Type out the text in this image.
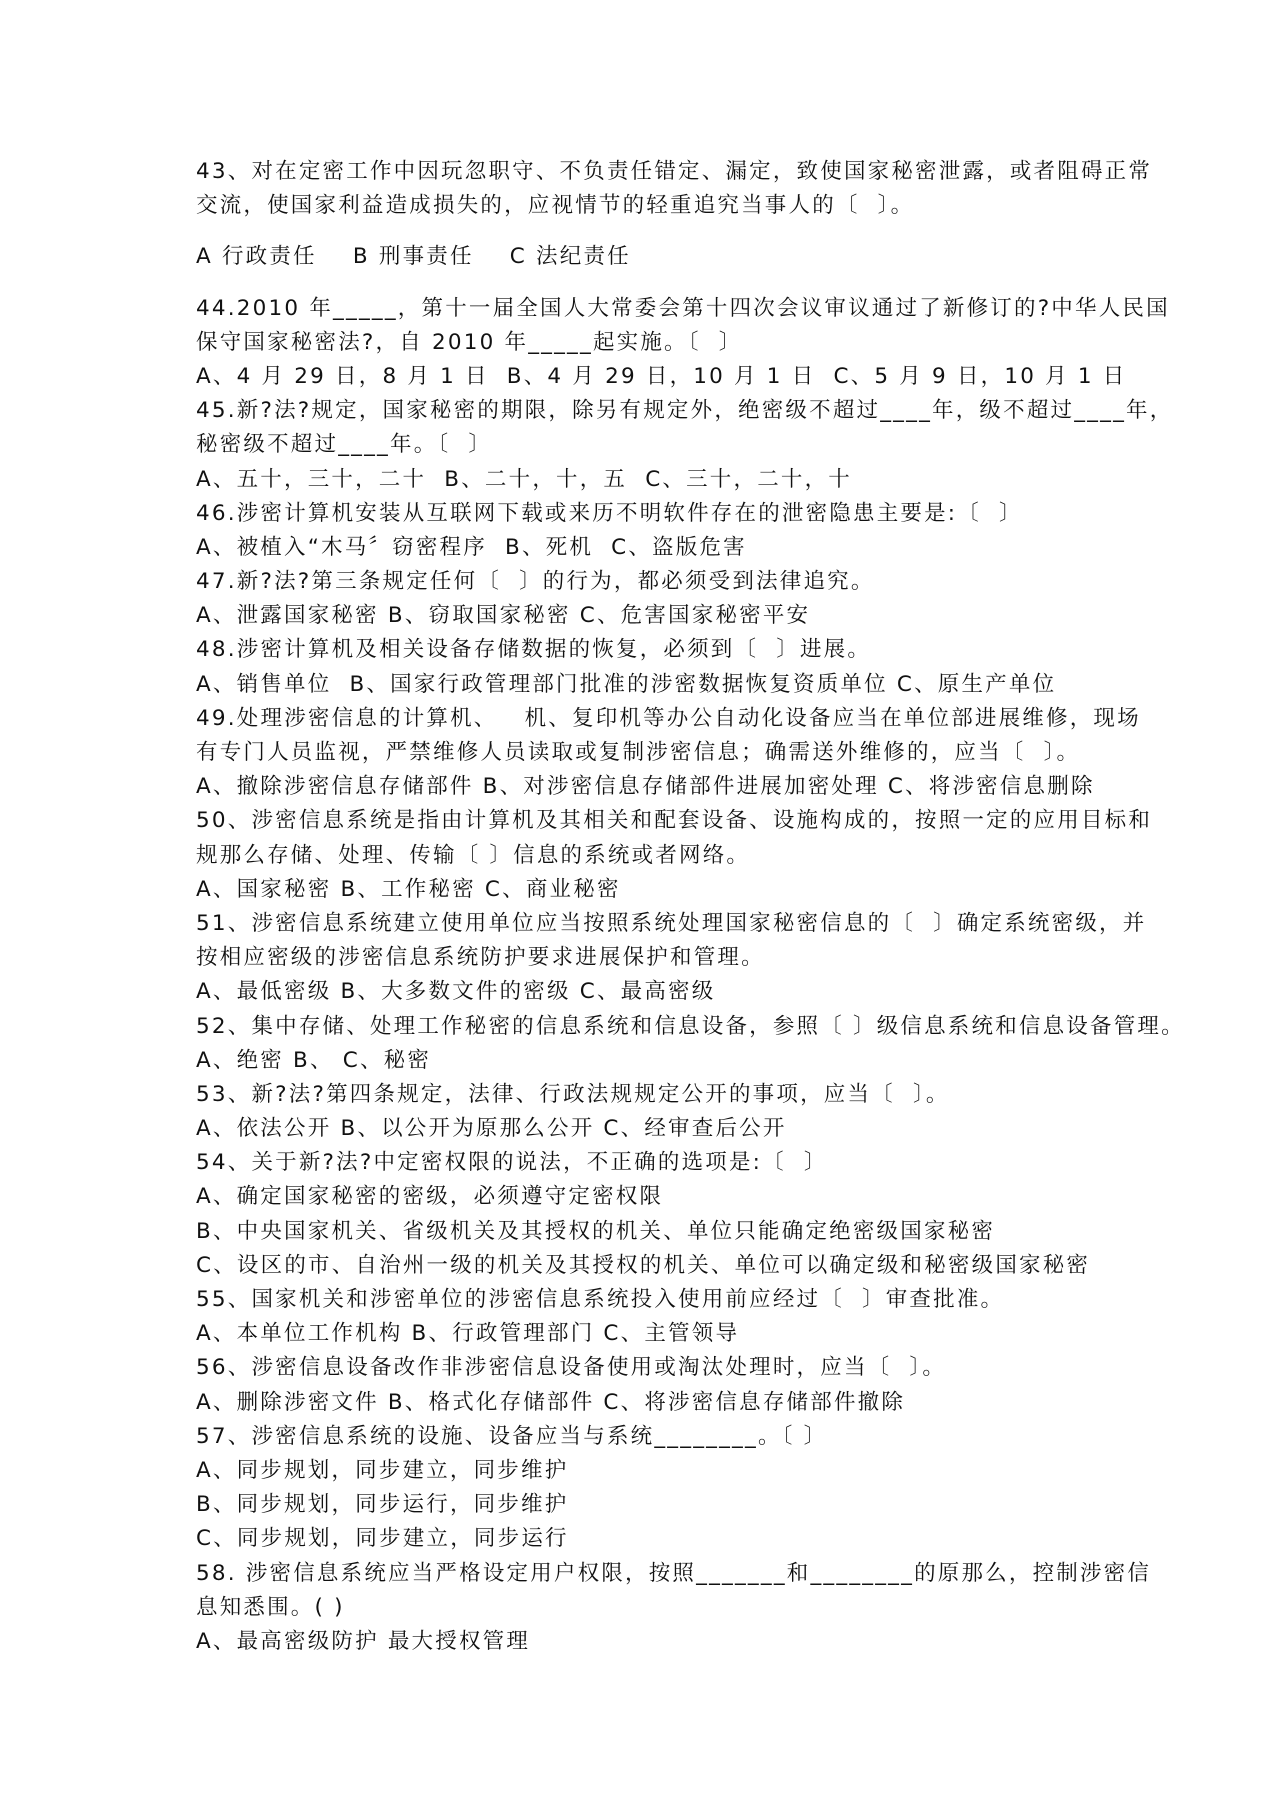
43、对在定密工作中因玩忽职守、不负责任错定、漏定，致使国家秘密泄露，或者阻碍正常
交流，使国家利益造成损失的，应视情节的轻重追究当事人的〔  〕。
A 行政责任    B 刑事责任    C 法纪责任
44.2010 年_____，第十一届全国人大常委会第十四次会议审议通过了新修订的?中华人民国
保守国家秘密法?，自 2010 年_____起实施。〔  〕
A、4 月 29 日，8 月 1 日  B、4 月 29 日，10 月 1 日  C、5 月 9 日，10 月 1 日
45.新?法?规定，国家秘密的期限，除另有规定外，绝密级不超过____年，级不超过____年，
秘密级不超过____年。〔  〕
A、五十，三十，二十  B、二十，十，五  C、三十，二十，十
46.涉密计算机安装从互联网下载或来历不明软件存在的泄密隐患主要是:〔  〕
A、被植入“木马〞窃密程序  B、死机  C、盗版危害
47.新?法?第三条规定任何〔  〕的行为，都必须受到法律追究。
A、泄露国家秘密 B、窃取国家秘密 C、危害国家秘密平安
48.涉密计算机及相关设备存储数据的恢复，必须到〔  〕进展。
A、销售单位  B、国家行政管理部门批准的涉密数据恢复资质单位 C、原生产单位
49.处理涉密信息的计算机、   机、复印机等办公自动化设备应当在单位部进展维修，现场
有专门人员监视，严禁维修人员读取或复制涉密信息；确需送外维修的，应当〔  〕。
A、撤除涉密信息存储部件 B、对涉密信息存储部件进展加密处理 C、将涉密信息删除
50、涉密信息系统是指由计算机及其相关和配套设备、设施构成的，按照一定的应用目标和
规那么存储、处理、传输〔 〕信息的系统或者网络。
A、国家秘密 B、工作秘密 C、商业秘密
51、涉密信息系统建立使用单位应当按照系统处理国家秘密信息的〔  〕确定系统密级，并
按相应密级的涉密信息系统防护要求进展保护和管理。
A、最低密级 B、大多数文件的密级 C、最高密级
52、集中存储、处理工作秘密的信息系统和信息设备，参照〔 〕级信息系统和信息设备管理。
A、绝密 B、 C、秘密
53、新?法?第四条规定，法律、行政法规规定公开的事项，应当〔  〕。
A、依法公开 B、以公开为原那么公开 C、经审查后公开
54、关于新?法?中定密权限的说法，不正确的选项是:〔  〕
A、确定国家秘密的密级，必须遵守定密权限
B、中央国家机关、省级机关及其授权的机关、单位只能确定绝密级国家秘密
C、设区的市、自治州一级的机关及其授权的机关、单位可以确定级和秘密级国家秘密
55、国家机关和涉密单位的涉密信息系统投入使用前应经过〔  〕审查批准。
A、本单位工作机构 B、行政管理部门 C、主管领导
56、涉密信息设备改作非涉密信息设备使用或淘汰处理时，应当〔  〕。
A、删除涉密文件 B、格式化存储部件 C、将涉密信息存储部件撤除
57、涉密信息系统的设施、设备应当与系统________。〔 〕
A、同步规划，同步建立，同步维护
B、同步规划，同步运行，同步维护
C、同步规划，同步建立，同步运行
58. 涉密信息系统应当严格设定用户权限，按照_______和________的原那么，控制涉密信
息知悉围。( )
A、最高密级防护 最大授权管理
